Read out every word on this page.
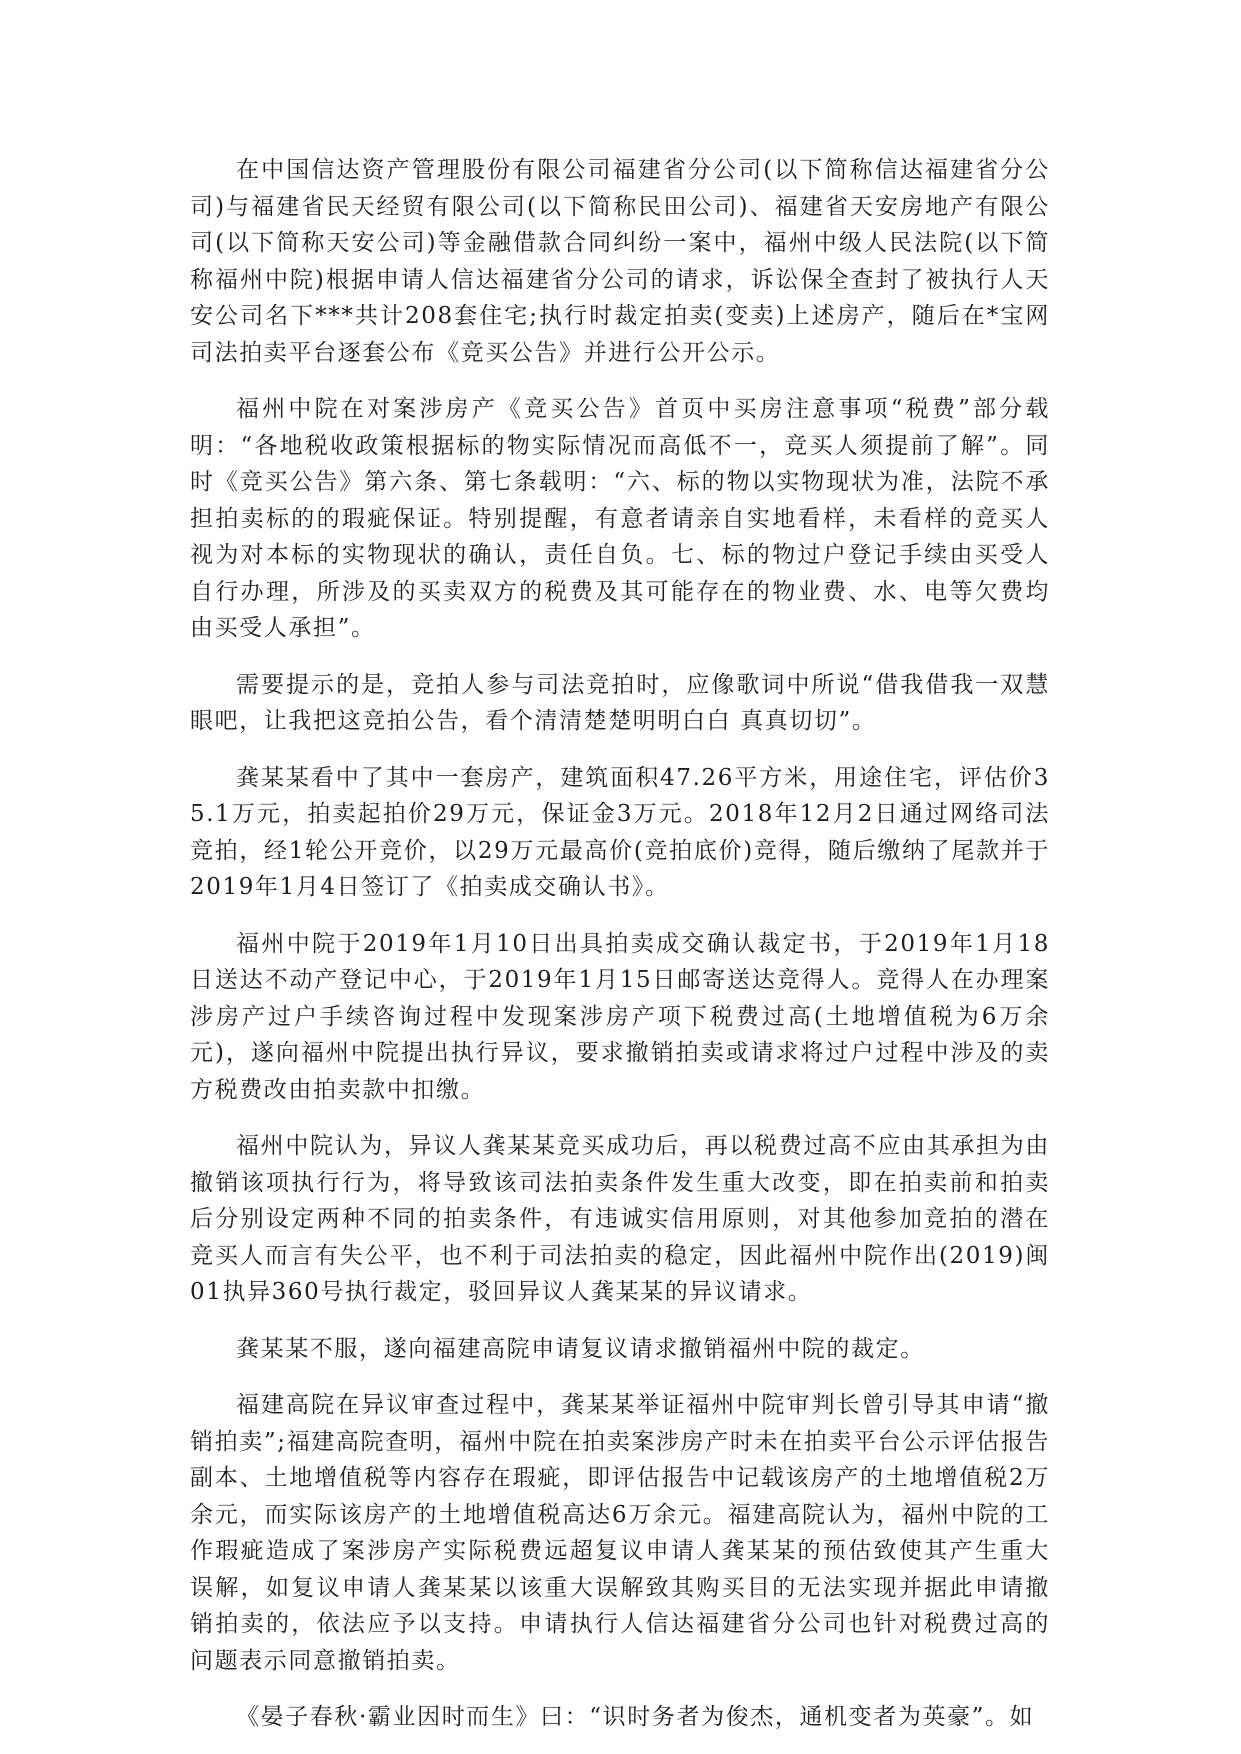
在中国信达资产管理股份有限公司福建省分公司(以下简称信达福建省分公司)与福建省民天经贸有限公司(以下简称民田公司)、福建省天安房地产有限公司(以下简称天安公司)等金融借款合同纠纷一案中，福州中级人民法院(以下简称福州中院)根据申请人信达福建省分公司的请求，诉讼保全查封了被执行人天安公司名下***共计208套住宅;执行时裁定拍卖(变卖)上述房产，随后在*宝网司法拍卖平台逐套公布《竞买公告》并进行公开公示。

福州中院在对案涉房产《竞买公告》首页中买房注意事项“税费”部分载明：“各地税收政策根据标的物实际情况而高低不一，竞买人须提前了解”。同时《竞买公告》第六条、第七条载明：“六、标的物以实物现状为准，法院不承担拍卖标的的瑕疵保证。特别提醒，有意者请亲自实地看样，未看样的竞买人视为对本标的实物现状的确认，责任自负。七、标的物过户登记手续由买受人自行办理，所涉及的买卖双方的税费及其可能存在的物业费、水、电等欠费均由买受人承担”。

需要提示的是，竞拍人参与司法竞拍时，应像歌词中所说“借我借我一双慧眼吧，让我把这竞拍公告，看个清清楚楚明明白白 真真切切”。

龚某某看中了其中一套房产，建筑面积47.26平方米，用途住宅，评估价35.1万元，拍卖起拍价29万元，保证金3万元。2018年12月2日通过网络司法竞拍，经1轮公开竞价，以29万元最高价(竞拍底价)竞得，随后缴纳了尾款并于2019年1月4日签订了《拍卖成交确认书》。

福州中院于2019年1月10日出具拍卖成交确认裁定书，于2019年1月18日送达不动产登记中心，于2019年1月15日邮寄送达竞得人。竞得人在办理案涉房产过户手续咨询过程中发现案涉房产项下税费过高(土地增值税为6万余元)，遂向福州中院提出执行异议，要求撤销拍卖或请求将过户过程中涉及的卖方税费改由拍卖款中扣缴。

福州中院认为，异议人龚某某竞买成功后，再以税费过高不应由其承担为由撤销该项执行行为，将导致该司法拍卖条件发生重大改变，即在拍卖前和拍卖后分别设定两种不同的拍卖条件，有违诚实信用原则，对其他参加竞拍的潜在竞买人而言有失公平，也不利于司法拍卖的稳定，因此福州中院作出(2019)闽01执异360号执行裁定，驳回异议人龚某某的异议请求。

龚某某不服，遂向福建高院申请复议请求撤销福州中院的裁定。

福建高院在异议审查过程中，龚某某举证福州中院审判长曾引导其申请“撤销拍卖”;福建高院查明，福州中院在拍卖案涉房产时未在拍卖平台公示评估报告副本、土地增值税等内容存在瑕疵，即评估报告中记载该房产的土地增值税2万余元，而实际该房产的土地增值税高达6万余元。福建高院认为，福州中院的工作瑕疵造成了案涉房产实际税费远超复议申请人龚某某的预估致使其产生重大误解，如复议申请人龚某某以该重大误解致其购买目的无法实现并据此申请撤销拍卖的，依法应予以支持。申请执行人信达福建省分公司也针对税费过高的问题表示同意撤销拍卖。

《晏子春秋·霸业因时而生》曰：“识时务者为俊杰，通机变者为英豪”。如
